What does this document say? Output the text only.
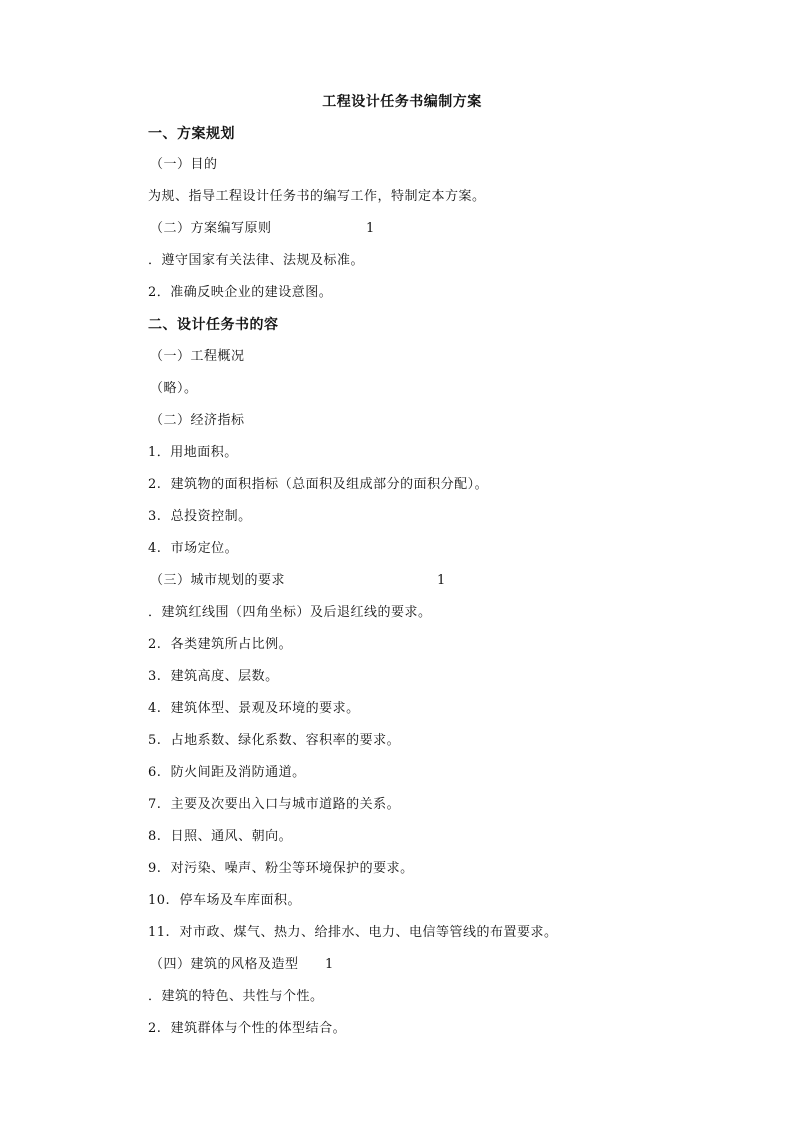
工程设计任务书编制方案
一、方案规划
（一）目的
为规、指导工程设计任务书的编写工作，特制定本方案。
（二）方案编写原则	1
．遵守国家有关法律、法规及标准。
2．准确反映企业的建设意图。
二、设计任务书的容
（一）工程概况
（略）。
（二）经济指标
1．用地面积。
2.  建筑物的面积指标（总面积及组成部分的面积分配）。
3.  总投资控制。
4.  市场定位。
（三）城市规划的要求	1
．建筑红线围（四角坐标）及后退红线的要求。
2.  各类建筑所占比例。
3.  建筑高度、层数。
4.  建筑体型、景观及环境的要求。
5.  占地系数、绿化系数、容积率的要求。
6.  防火间距及消防通道。
7.  主要及次要出入口与城市道路的关系。
8.  日照、通风、朝向。
9.  对污染、噪声、粉尘等环境保护的要求。
10.  停车场及车库面积。
11.  对市政、煤气、热力、给排水、电力、电信等管线的布置要求。
（四）建筑的风格及造型 1
．建筑的特色、共性与个性。
2.  建筑群体与个性的体型结合。
